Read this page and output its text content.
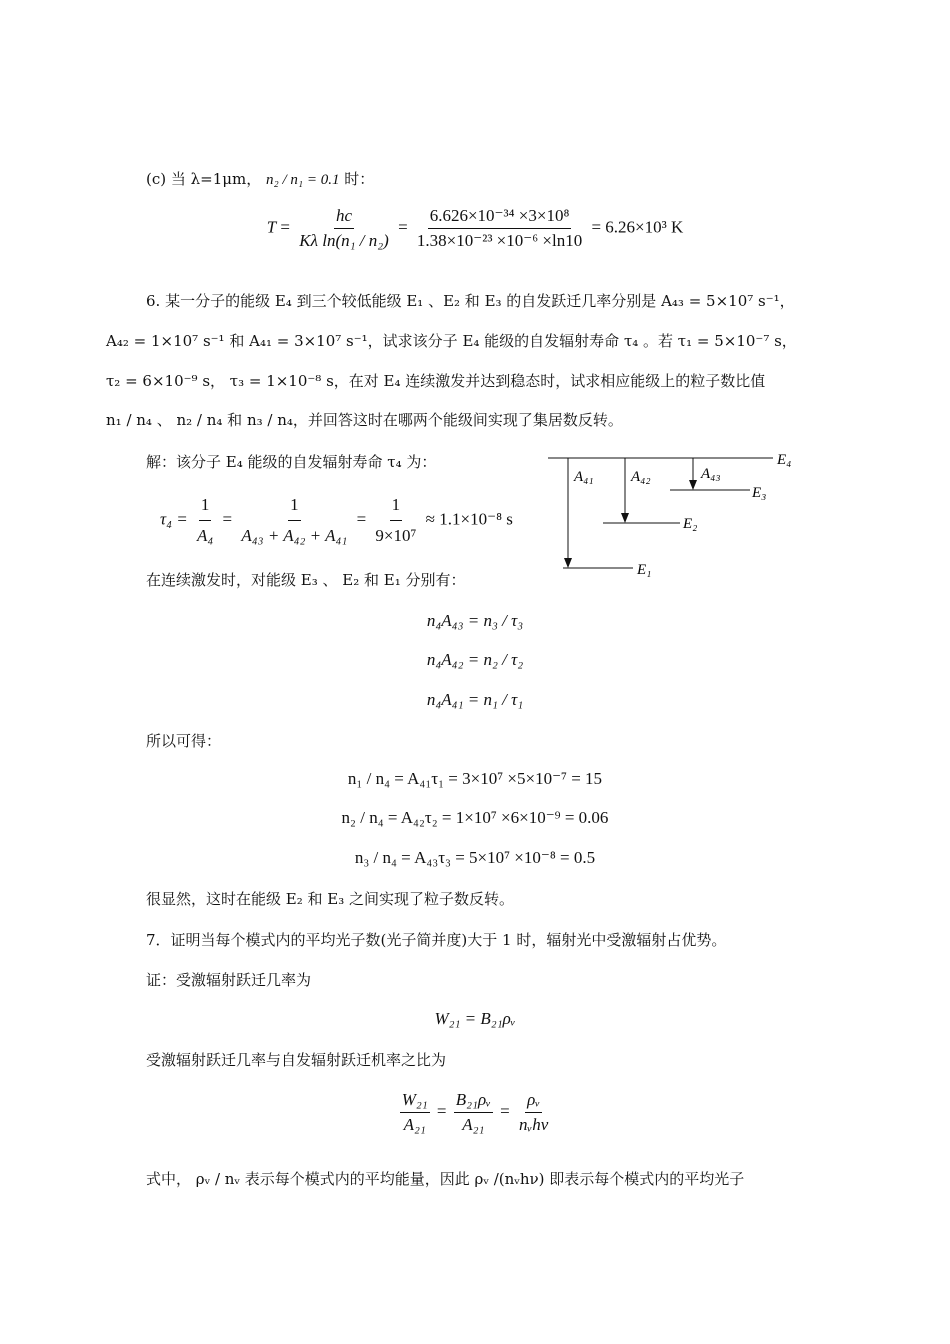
(c) 当 λ=1μm， n₂ / n₁ = 0.1 时：
$T = \frac{hc}{\text{Kλ ln(n₁ / n₂)}} = \frac{\text{6.626×10⁻³⁴ ×3×10⁸}}{\text{1.38×10⁻²³ ×10⁻⁶ ×ln10}} = 6.26\times 10^3$ K
6. 某一分子的能级 E₄ 到三个较低能级 E₁ 、E₂ 和 E₃ 的自发跃迁几率分别是 A₄₃ = 5×10⁷ s⁻¹，
A₄₂ = 1×10⁷ s⁻¹ 和 A₄₁ = 3×10⁷ s⁻¹，试求该分子 E₄ 能级的自发辐射寿命 τ₄ 。若 τ₁ = 5×10⁻⁷ s，
τ₂ = 6×10⁻⁹ s， τ₃ = 1×10⁻⁸ s，在对 E₄ 连续激发并达到稳态时，试求相应能级上的粒子数比值
n₁ / n₄ 、 n₂ / n₄ 和 n₃ / n₄，并回答这时在哪两个能级间实现了集居数反转。
解：该分子 E₄ 能级的自发辐射寿命 τ₄ 为：
$\tau_4 = \frac{1}{\text{A₄}} = \frac{1}{\text{A₄₃ + A₄₂ + A₄₁}} = \frac{1}{\text{9×10⁷}} \approx 1.1\times 10^{-8}$ s
E₄
E₃
E₂
E₁
A₄₁ A₄₂	A₄₃
在连续激发时，对能级 E₃ 、 E₂ 和 E₁ 分别有：
n₄A₄₃ = n₃ / τ₃
n₄A₄₂ = n₂ / τ₂
n₄A₄₁ = n₁ / τ₁
所以可得：
n₁ / n₄ = A₄₁τ₁ = 3×10⁷ ×5×10⁻⁷ = 15
n₂ / n₄ = A₄₂τ₂ = 1×10⁷ ×6×10⁻⁹ = 0.06
n₃ / n₄ = A₄₃τ₃ = 5×10⁷ ×10⁻⁸ = 0.5
很显然，这时在能级 E₂ 和 E₃ 之间实现了粒子数反转。
7．证明当每个模式内的平均光子数(光子简并度)大于 1 时，辐射光中受激辐射占优势。
证：受激辐射跃迁几率为
W₂₁ = B₂₁ρᵥ
受激辐射跃迁几率与自发辐射跃迁机率之比为
$\frac{\text{W₂₁}}{\text{A₂₁}} = \frac{\text{B₂₁ρᵥ}}{\text{A₂₁}} = \frac{\text{ρᵥ}}{\text{nᵥhν}}$
式中， ρᵥ / nᵥ 表示每个模式内的平均能量，因此 ρᵥ /(nᵥhν) 即表示每个模式内的平均光子
